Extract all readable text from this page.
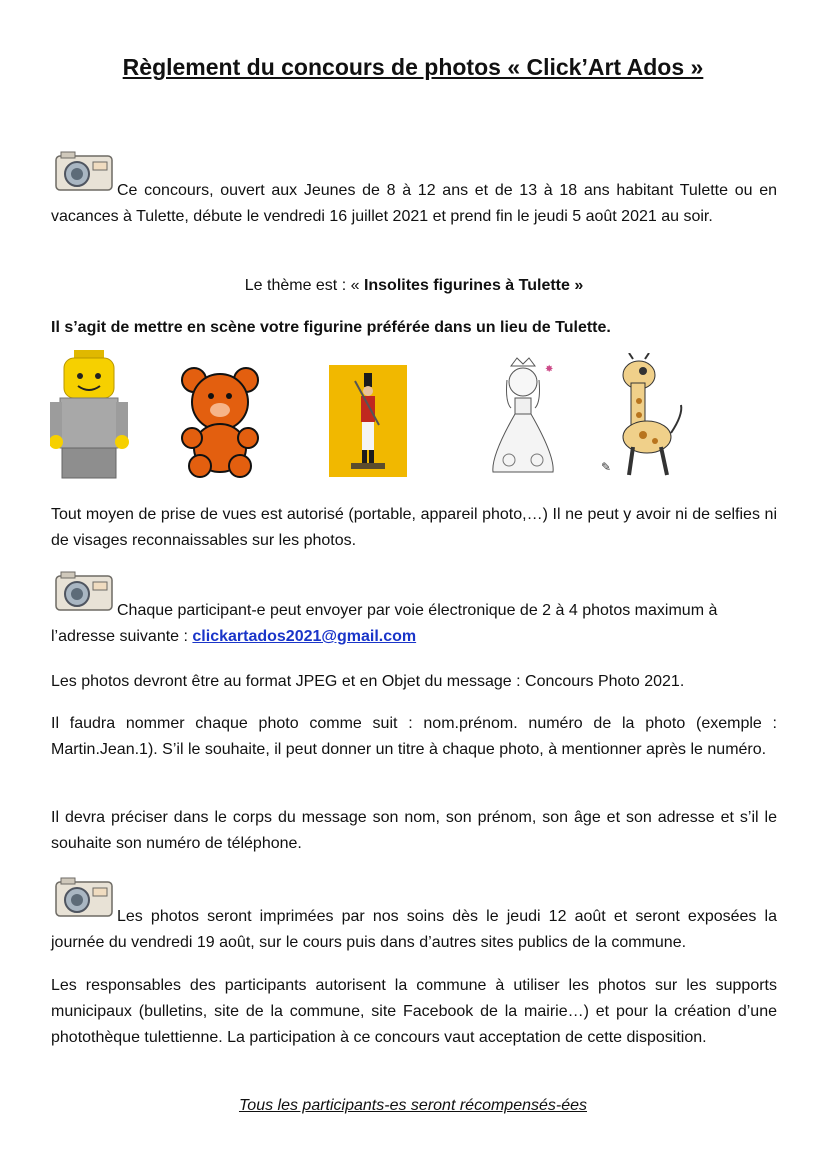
Règlement du concours de photos « Click’Art Ados »

Ce concours, ouvert aux Jeunes de 8 à 12 ans et de 13 à 18 ans habitant Tulette ou en vacances à Tulette, débute le vendredi 16 juillet 2021 et prend fin le jeudi 5 août 2021 au soir.

Le thème est : « Insolites figurines à Tulette »

Il s’agit de mettre en scène votre figurine préférée dans un lieu de Tulette.

✸
✎

Tout moyen de prise de vues est autorisé (portable, appareil photo,…) Il ne peut y avoir ni de selfies ni de visages reconnaissables sur les photos.

Chaque participant-e peut envoyer par voie électronique de 2 à 4 photos maximum à l’adresse suivante : clickartados2021@gmail.com

Les photos devront être au format JPEG et en Objet du message : Concours Photo 2021.

Il faudra nommer chaque photo comme suit : nom.prénom. numéro de la photo (exemple : Martin.Jean.1). S’il le souhaite, il peut donner un titre à chaque photo, à mentionner après le numéro.

Il devra préciser dans le corps du message son nom, son prénom, son âge et son adresse et s’il le souhaite son numéro de téléphone.

Les photos seront imprimées par nos soins dès le jeudi 12 août et seront exposées la journée du vendredi 19 août, sur le cours puis dans d’autres sites publics de la commune.

Les responsables des participants autorisent la commune à utiliser les photos sur les supports municipaux (bulletins, site de la commune, site Facebook de la mairie…) et pour la création d’une photothèque tulettienne. La participation à ce concours vaut acceptation de cette disposition.

Tous les participants-es seront récompensés-ées
